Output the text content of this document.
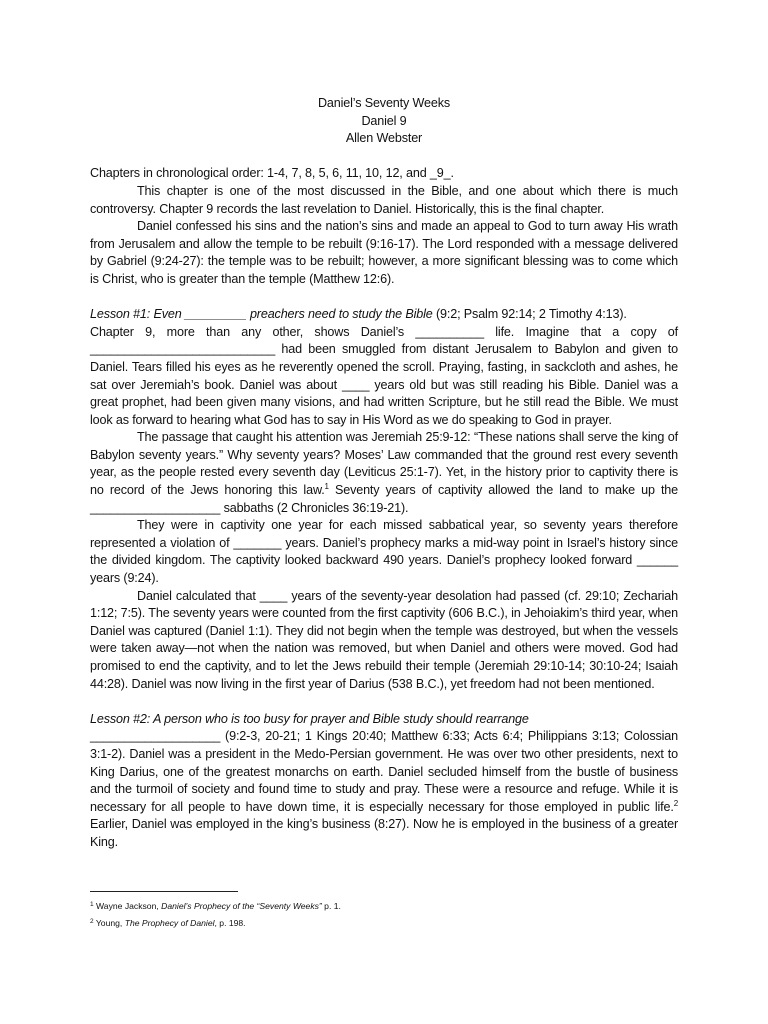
Daniel’s Seventy Weeks
Daniel 9
Allen Webster

Chapters in chronological order: 1-4, 7, 8, 5, 6, 11, 10, 12, and _9_.

This chapter is one of the most discussed in the Bible, and one about which there is much controversy. Chapter 9 records the last revelation to Daniel. Historically, this is the final chapter.

Daniel confessed his sins and the nation’s sins and made an appeal to God to turn away His wrath from Jerusalem and allow the temple to be rebuilt (9:16-17). The Lord responded with a message delivered by Gabriel (9:24-27): the temple was to be rebuilt; however, a more significant blessing was to come which is Christ, who is greater than the temple (Matthew 12:6).

Lesson #1: Even _________ preachers need to study the Bible (9:2; Psalm 92:14; 2 Timothy 4:13).

Chapter 9, more than any other, shows Daniel’s __________ life. Imagine that a copy of ___________________________ had been smuggled from distant Jerusalem to Babylon and given to Daniel. Tears filled his eyes as he reverently opened the scroll. Praying, fasting, in sackcloth and ashes, he sat over Jeremiah’s book. Daniel was about ____ years old but was still reading his Bible. Daniel was a great prophet, had been given many visions, and had written Scripture, but he still read the Bible. We must look as forward to hearing what God has to say in His Word as we do speaking to God in prayer.

The passage that caught his attention was Jeremiah 25:9-12: “These nations shall serve the king of Babylon seventy years.” Why seventy years? Moses’ Law commanded that the ground rest every seventh year, as the people rested every seventh day (Leviticus 25:1-7). Yet, in the history prior to captivity there is no record of the Jews honoring this law.$^1$ Seventy years of captivity allowed the land to make up the ___________________ sabbaths (2 Chronicles 36:19-21).

They were in captivity one year for each missed sabbatical year, so seventy years therefore represented a violation of _______ years. Daniel’s prophecy marks a mid-way point in Israel’s history since the divided kingdom. The captivity looked backward 490 years. Daniel’s prophecy looked forward ______ years (9:24).

Daniel calculated that ____ years of the seventy-year desolation had passed (cf. 29:10; Zechariah 1:12; 7:5). The seventy years were counted from the first captivity (606 B.C.), in Jehoiakim’s third year, when Daniel was captured (Daniel 1:1). They did not begin when the temple was destroyed, but when the vessels were taken away—not when the nation was removed, but when Daniel and others were moved. God had promised to end the captivity, and to let the Jews rebuild their temple (Jeremiah 29:10-14; 30:10-24; Isaiah 44:28). Daniel was now living in the first year of Darius (538 B.C.), yet freedom had not been mentioned.

Lesson #2: A person who is too busy for prayer and Bible study should rearrange

___________________ (9:2-3, 20-21; 1 Kings 20:40; Matthew 6:33; Acts 6:4; Philippians 3:13; Colossian 3:1-2). Daniel was a president in the Medo-Persian government. He was over two other presidents, next to King Darius, one of the greatest monarchs on earth. Daniel secluded himself from the bustle of business and the turmoil of society and found time to study and pray. These were a resource and refuge. While it is necessary for all people to have down time, it is especially necessary for those employed in public life.$^2$ Earlier, Daniel was employed in the king’s business (8:27). Now he is employed in the business of a greater King.

$^1$ Wayne Jackson, Daniel’s Prophecy of the “Seventy Weeks” p. 1.
$^2$ Young, The Prophecy of Daniel, p. 198.
